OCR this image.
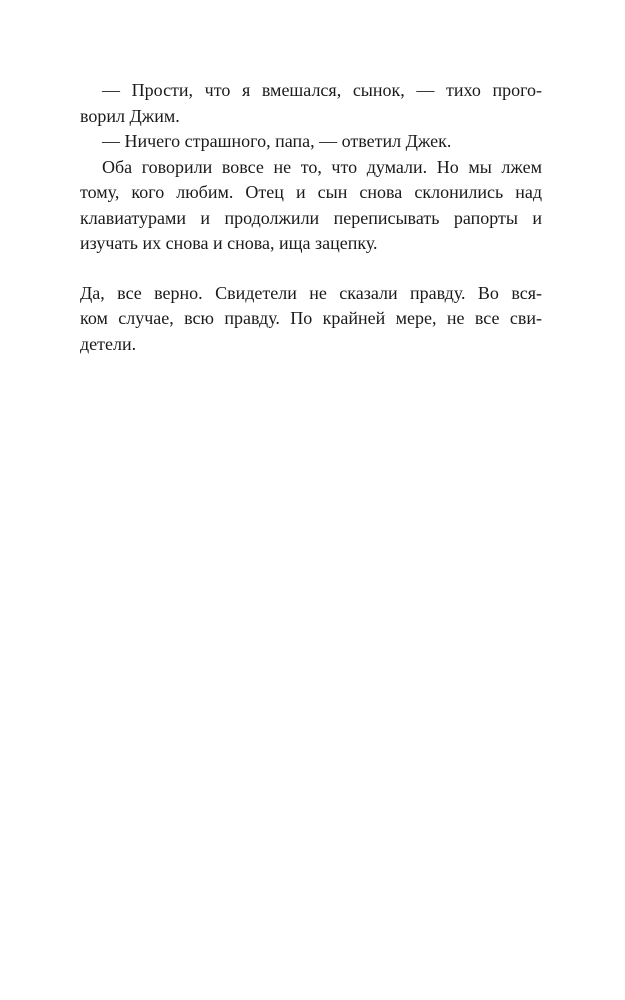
— Прости, что я вмешался, сынок, — тихо прого-
ворил Джим.
— Ничего страшного, папа, — ответил Джек.
Оба говорили вовсе не то, что думали. Но мы лжем
тому, кого любим. Отец и сын снова склонились над
клавиатурами и продолжили переписывать рапорты и
изучать их снова и снова, ища зацепку.
Да, все верно. Свидетели не сказали правду. Во вся-
ком случае, всю правду. По крайней мере, не все сви-
детели.
